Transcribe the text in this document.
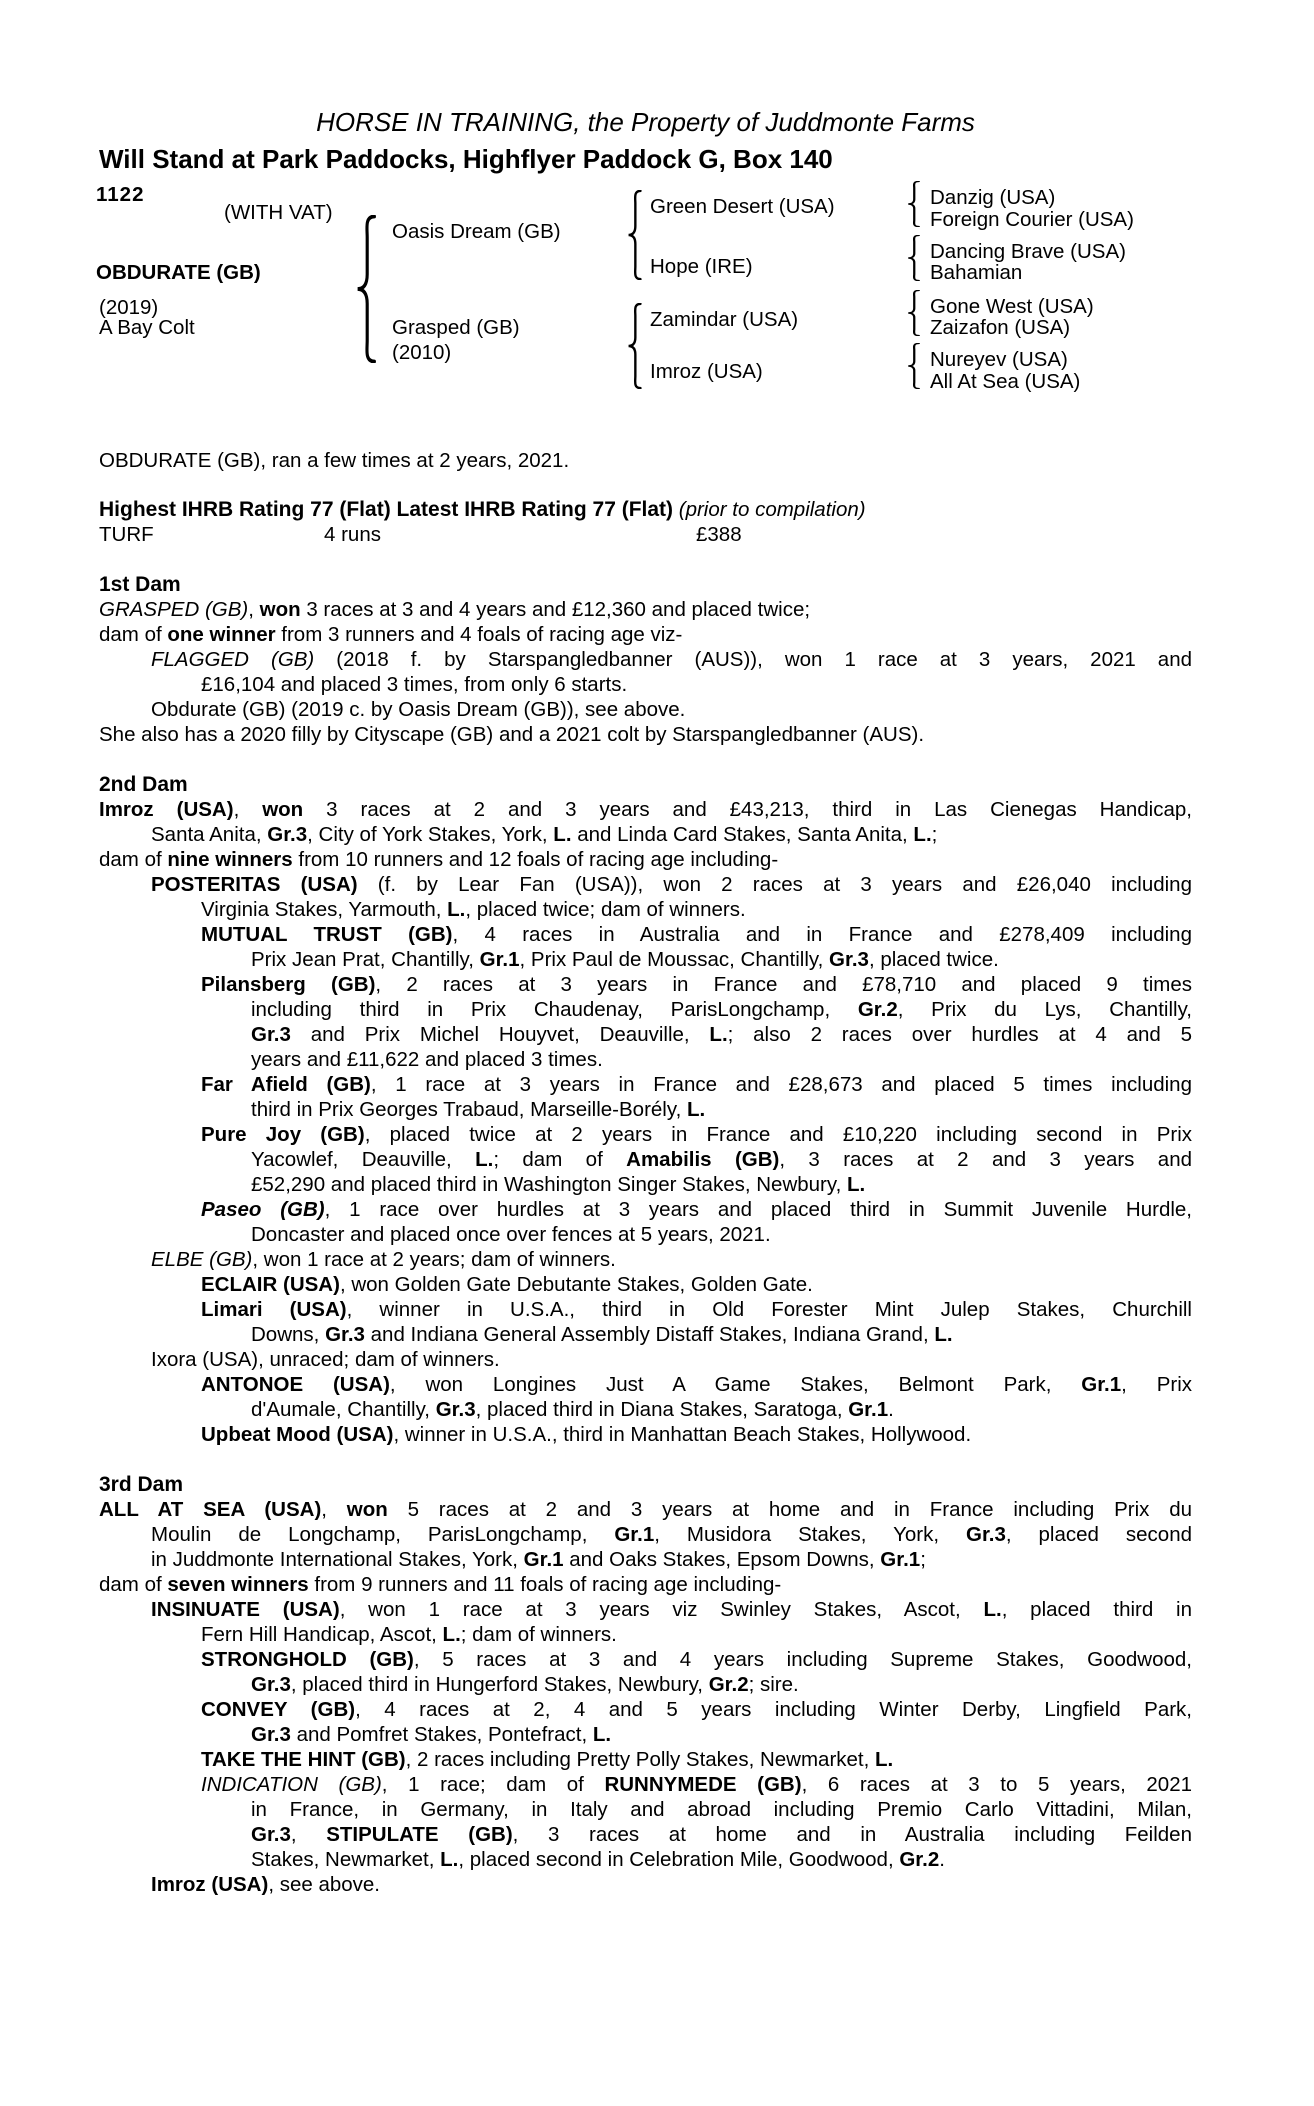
HORSE IN TRAINING, the Property of Juddmonte Farms
Will Stand at Park Paddocks, Highflyer Paddock G, Box 140
1122
(WITH VAT)
OBDURATE (GB)
(2019)
A Bay Colt
Oasis Dream (GB)
Grasped (GB)
(2010)
Green Desert (USA)
Hope (IRE)
Zamindar (USA)
Imroz (USA)
Danzig (USA)
Foreign Courier (USA)
Dancing Brave (USA)
Bahamian
Gone West (USA)
Zaizafon (USA)
Nureyev (USA)
All At Sea (USA)
OBDURATE (GB), ran a few times at 2 years, 2021.
Highest IHRB Rating 77 (Flat) Latest IHRB Rating 77 (Flat) (prior to compilation)
TURF	4 runs	£388
1st Dam
GRASPED (GB), won 3 races at 3 and 4 years and £12,360 and placed twice;
dam of one winner from 3 runners and 4 foals of racing age viz-
FLAGGED (GB) (2018 f. by Starspangledbanner (AUS)), won 1 race at 3 years, 2021 and
£16,104 and placed 3 times, from only 6 starts.
Obdurate (GB) (2019 c. by Oasis Dream (GB)), see above.
She also has a 2020 filly by Cityscape (GB) and a 2021 colt by Starspangledbanner (AUS).
2nd Dam
Imroz (USA), won 3 races at 2 and 3 years and £43,213, third in Las Cienegas Handicap,
Santa Anita, Gr.3, City of York Stakes, York, L. and Linda Card Stakes, Santa Anita, L.;
dam of nine winners from 10 runners and 12 foals of racing age including-
POSTERITAS (USA) (f. by Lear Fan (USA)), won 2 races at 3 years and £26,040 including
Virginia Stakes, Yarmouth, L., placed twice; dam of winners.
MUTUAL TRUST (GB), 4 races in Australia and in France and £278,409 including
Prix Jean Prat, Chantilly, Gr.1, Prix Paul de Moussac, Chantilly, Gr.3, placed twice.
Pilansberg (GB), 2 races at 3 years in France and £78,710 and placed 9 times
including third in Prix Chaudenay, ParisLongchamp, Gr.2, Prix du Lys, Chantilly,
Gr.3 and Prix Michel Houyvet, Deauville, L.; also 2 races over hurdles at 4 and 5
years and £11,622 and placed 3 times.
Far Afield (GB), 1 race at 3 years in France and £28,673 and placed 5 times including
third in Prix Georges Trabaud, Marseille-Borély, L.
Pure Joy (GB), placed twice at 2 years in France and £10,220 including second in Prix
Yacowlef, Deauville, L.; dam of Amabilis (GB), 3 races at 2 and 3 years and
£52,290 and placed third in Washington Singer Stakes, Newbury, L.
Paseo (GB), 1 race over hurdles at 3 years and placed third in Summit Juvenile Hurdle,
Doncaster and placed once over fences at 5 years, 2021.
ELBE (GB), won 1 race at 2 years; dam of winners.
ECLAIR (USA), won Golden Gate Debutante Stakes, Golden Gate.
Limari (USA), winner in U.S.A., third in Old Forester Mint Julep Stakes, Churchill
Downs, Gr.3 and Indiana General Assembly Distaff Stakes, Indiana Grand, L.
Ixora (USA), unraced; dam of winners.
ANTONOE (USA), won Longines Just A Game Stakes, Belmont Park, Gr.1, Prix
d'Aumale, Chantilly, Gr.3, placed third in Diana Stakes, Saratoga, Gr.1.
Upbeat Mood (USA), winner in U.S.A., third in Manhattan Beach Stakes, Hollywood.
3rd Dam
ALL AT SEA (USA), won 5 races at 2 and 3 years at home and in France including Prix du
Moulin de Longchamp, ParisLongchamp, Gr.1, Musidora Stakes, York, Gr.3, placed second
in Juddmonte International Stakes, York, Gr.1 and Oaks Stakes, Epsom Downs, Gr.1;
dam of seven winners from 9 runners and 11 foals of racing age including-
INSINUATE (USA), won 1 race at 3 years viz Swinley Stakes, Ascot, L., placed third in
Fern Hill Handicap, Ascot, L.; dam of winners.
STRONGHOLD (GB), 5 races at 3 and 4 years including Supreme Stakes, Goodwood,
Gr.3, placed third in Hungerford Stakes, Newbury, Gr.2; sire.
CONVEY (GB), 4 races at 2, 4 and 5 years including Winter Derby, Lingfield Park,
Gr.3 and Pomfret Stakes, Pontefract, L.
TAKE THE HINT (GB), 2 races including Pretty Polly Stakes, Newmarket, L.
INDICATION (GB), 1 race; dam of RUNNYMEDE (GB), 6 races at 3 to 5 years, 2021
in France, in Germany, in Italy and abroad including Premio Carlo Vittadini, Milan,
Gr.3, STIPULATE (GB), 3 races at home and in Australia including Feilden
Stakes, Newmarket, L., placed second in Celebration Mile, Goodwood, Gr.2.
Imroz (USA), see above.
